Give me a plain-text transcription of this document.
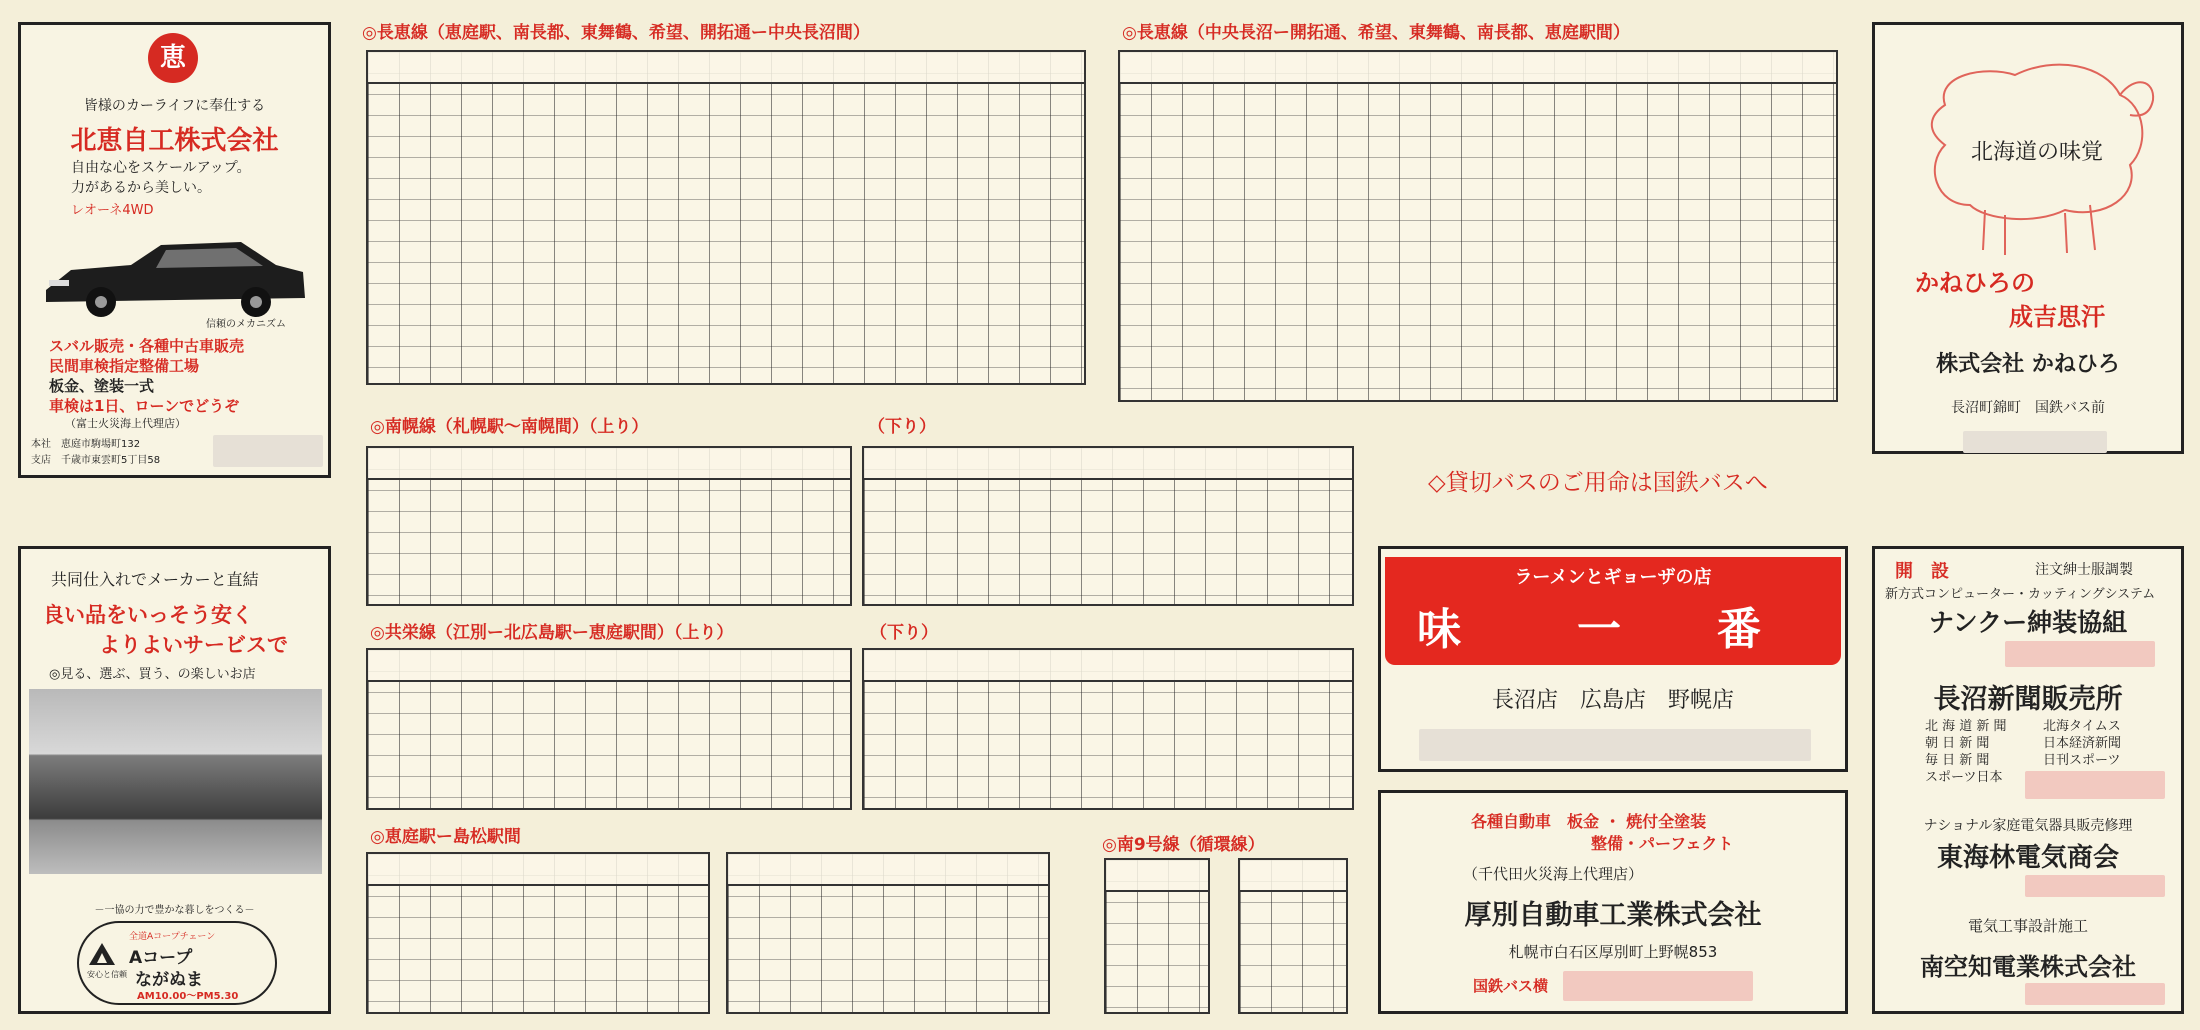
恵
皆様のカーライフに奉仕する
北恵自工株式会社
自由な心をスケールアップ。
力があるから美しい。
レオーネ4WD
信頼のメカニズム
スバル販売・各種中古車販売
民間車検指定整備工場
板金、塗装一式
車検は1日、ローンでどうぞ
（富士火災海上代理店）
本社　恵庭市駒場町132
支店　千歳市東雲町5丁目58
共同仕入れでメーカーと直結
良い品をいっそう安く
よりよいサービスで
◎見る、選ぶ、買う、の楽しいお店
－一協の力で豊かな暮しをつくる－
全道Aコープチェーン
安心と信頼
Aコープ
ながぬま
AM10.00～PM5.30
◎長恵線（恵庭駅、南長都、東舞鶴、希望、開拓通ー中央長沼間）	◎長恵線（中央長沼ー開拓通、希望、東舞鶴、南長都、恵庭駅間）
◎南幌線（札幌駅～南幌間）（上り）	（下り）
◎共栄線（江別ー北広島駅ー恵庭駅間）（上り）	（下り）
◎恵庭駅ー島松駅間	◎南9号線（循環線）
◇貸切バスのご用命は国鉄バスへ
ラーメンとギョーザの店
味	一 番
長沼店　広島店　野幌店
各種自動車　板金 ・ 焼付全塗装
整備・パーフェクト
（千代田火災海上代理店）
厚別自動車工業株式会社
札幌市白石区厚別町上野幌853
国鉄バス横
北海道の味覚
かねひろの
成吉思汗
株式会社 かねひろ
長沼町錦町　国鉄バス前
開　設	注文紳士服調製
新方式コンピューター・カッティングシステム
ナンクー紳装協組
長沼新聞販売所
北 海 道 新 聞
朝 日 新 聞
毎 日 新 聞
スポーツ日本
北海タイムス
日本経済新聞
日刊スポーツ
ナショナル家庭電気器具販売修理
東海林電気商会
電気工事設計施工
南空知電業株式会社
